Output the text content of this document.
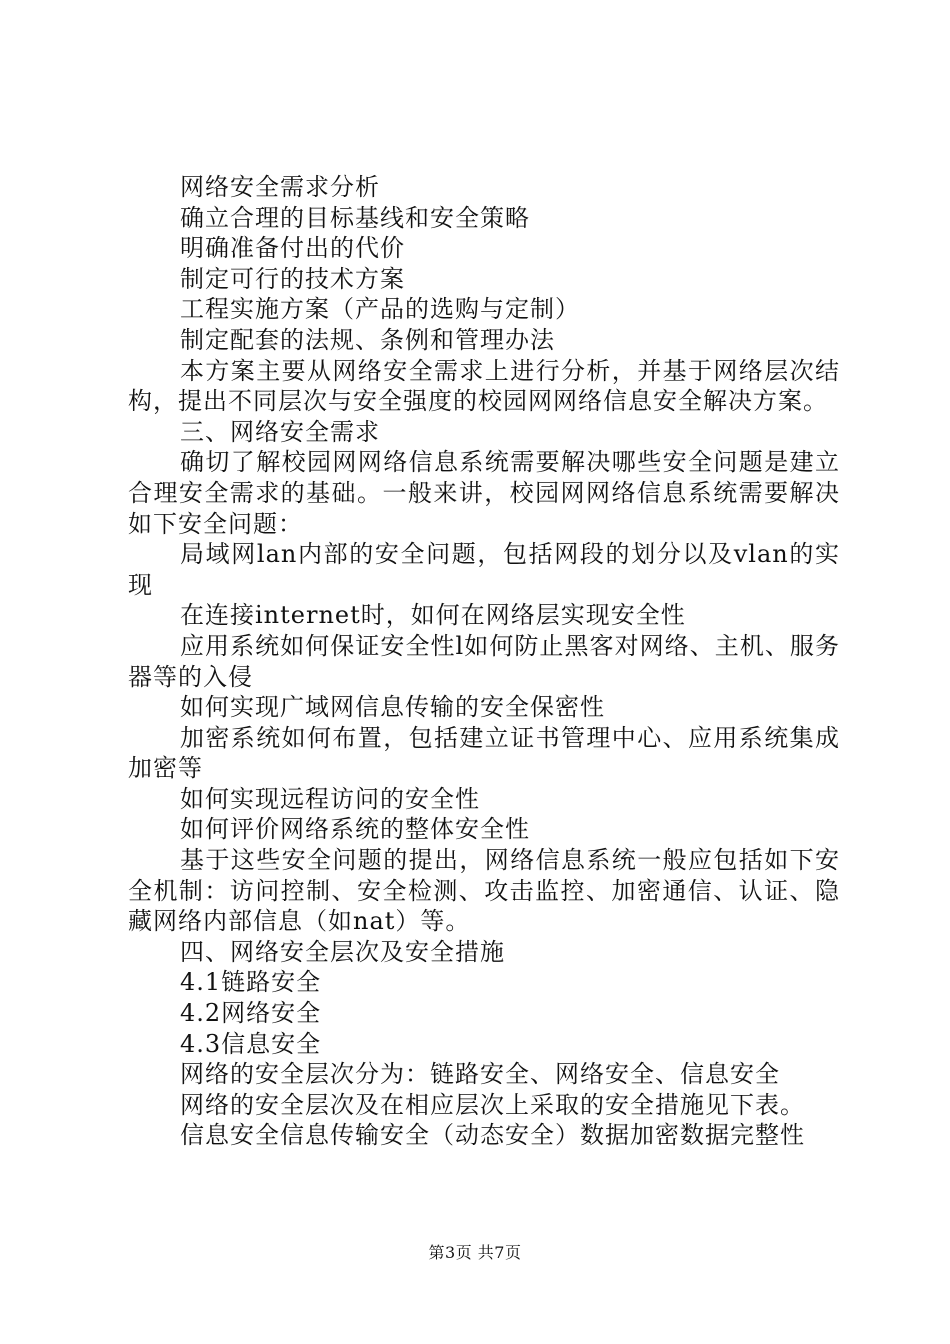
网络安全需求分析

确立合理的目标基线和安全策略

明确准备付出的代价

制定可行的技术方案

工程实施方案（产品的选购与定制）

制定配套的法规、条例和管理办法

本方案主要从网络安全需求上进行分析，并基于网络层次结构，提出不同层次与安全强度的校园网网络信息安全解决方案。

三、网络安全需求

确切了解校园网网络信息系统需要解决哪些安全问题是建立合理安全需求的基础。一般来讲，校园网网络信息系统需要解决如下安全问题：

局域网lan内部的安全问题，包括网段的划分以及vlan的实现

在连接internet时，如何在网络层实现安全性

应用系统如何保证安全性l如何防止黑客对网络、主机、服务器等的入侵

如何实现广域网信息传输的安全保密性

加密系统如何布置，包括建立证书管理中心、应用系统集成加密等

如何实现远程访问的安全性

如何评价网络系统的整体安全性

基于这些安全问题的提出，网络信息系统一般应包括如下安全机制：访问控制、安全检测、攻击监控、加密通信、认证、隐藏网络内部信息（如nat）等。

四、网络安全层次及安全措施

4.1链路安全

4.2网络安全

4.3信息安全

网络的安全层次分为：链路安全、网络安全、信息安全

网络的安全层次及在相应层次上采取的安全措施见下表。

信息安全信息传输安全（动态安全）数据加密数据完整性

第3页 共7页
